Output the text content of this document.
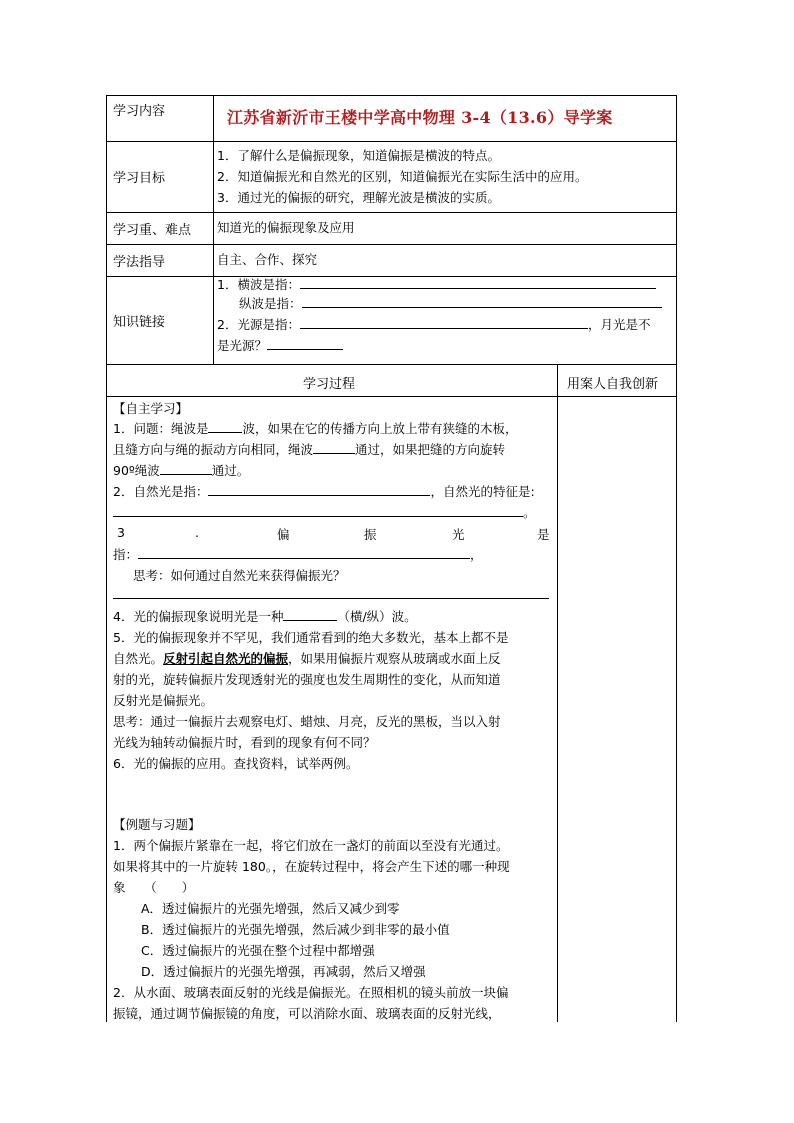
学习内容	江苏省新沂市王楼中学高中物理 3-4（13.6）导学案
学习目标
1．了解什么是偏振现象，知道偏振是横波的特点。
2．知道偏振光和自然光的区别，知道偏振光在实际生活中的应用。
3．通过光的偏振的研究，理解光波是横波的实质。
学习重、难点 知道光的偏振现象及应用
学法指导	自主、合作、探究
知识链接
1．横波是指：
纵波是指：
2．光源是指：	，月光是不
是光源？
学习过程	用案人自我创新
【自主学习】
1．问题：绳波是	波，如果在它的传播方向上放上带有狭缝的木板，
且缝方向与绳的振动方向相同，绳波	通过，如果把缝的方向旋转
90º绳波	通过。
2．自然光是指：	，自然光的特征是:
。
3	.	偏	振	光	是
指：	，
思考：如何通过自然光来获得偏振光？
4．光的偏振现象说明光是一种	（横/纵）波。
5．光的偏振现象并不罕见，我们通常看到的绝大多数光，基本上都不是
自然光。反射引起自然光的偏振，如果用偏振片观察从玻璃或水面上反
射的光，旋转偏振片发现透射光的强度也发生周期性的变化，从而知道
反射光是偏振光。
思考：通过一偏振片去观察电灯、蜡烛、月亮，反光的黑板，当以入射
光线为轴转动偏振片时，看到的现象有何不同？
6．光的偏振的应用。查找资料，试举两例。
【例题与习题】
1．两个偏振片紧靠在一起，将它们放在一盏灯的前面以至没有光通过。
如果将其中的一片旋转 180。，在旋转过程中，将会产生下述的哪一种现
象　　（　　）
A．透过偏振片的光强先增强，然后又减少到零
B．透过偏振片的光强先增强，然后减少到非零的最小值
C．透过偏振片的光强在整个过程中都增强
D．透过偏振片的光强先增强，再减弱，然后又增强
2．从水面、玻璃表面反射的光线是偏振光。在照相机的镜头前放一块偏
振镜，通过调节偏振镜的角度，可以消除水面、玻璃表面的反射光线，
